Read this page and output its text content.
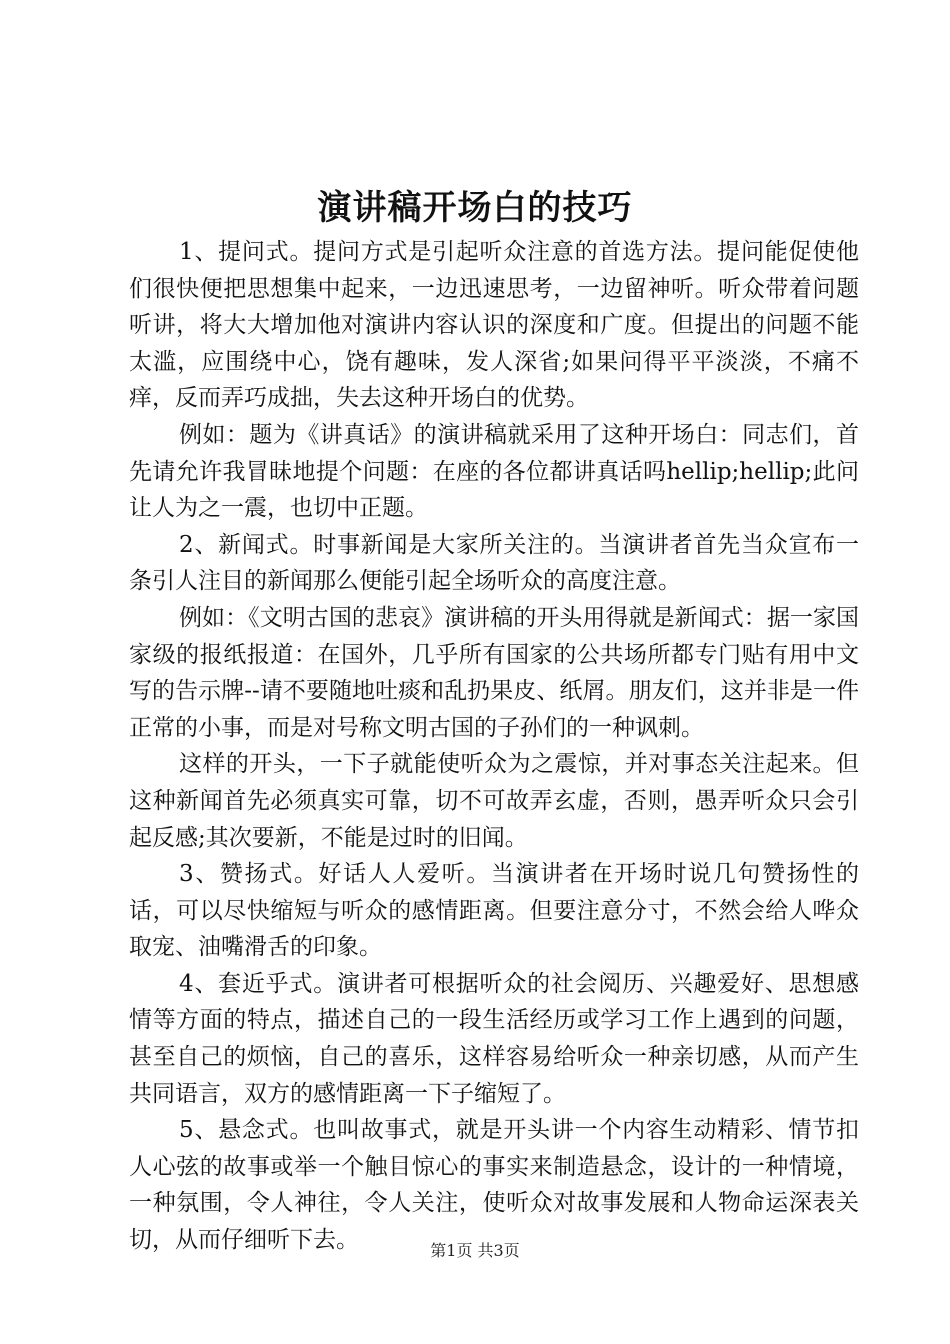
演讲稿开场白的技巧

1、提问式。提问方式是引起听众注意的首选方法。提问能促使他们很快便把思想集中起来，一边迅速思考，一边留神听。听众带着问题听讲，将大大增加他对演讲内容认识的深度和广度。但提出的问题不能太滥，应围绕中心，饶有趣味，发人深省;如果问得平平淡淡，不痛不痒，反而弄巧成拙，失去这种开场白的优势。

例如：题为《讲真话》的演讲稿就采用了这种开场白：同志们，首先请允许我冒昧地提个问题：在座的各位都讲真话吗hellip;hellip;此问让人为之一震，也切中正题。

2、新闻式。时事新闻是大家所关注的。当演讲者首先当众宣布一条引人注目的新闻那么便能引起全场听众的高度注意。

例如：《文明古国的悲哀》演讲稿的开头用得就是新闻式：据一家国家级的报纸报道：在国外，几乎所有国家的公共场所都专门贴有用中文写的告示牌--请不要随地吐痰和乱扔果皮、纸屑。朋友们，这并非是一件正常的小事，而是对号称文明古国的子孙们的一种讽刺。

这样的开头，一下子就能使听众为之震惊，并对事态关注起来。但这种新闻首先必须真实可靠，切不可故弄玄虚，否则，愚弄听众只会引起反感;其次要新，不能是过时的旧闻。

3、赞扬式。好话人人爱听。当演讲者在开场时说几句赞扬性的话，可以尽快缩短与听众的感情距离。但要注意分寸，不然会给人哗众取宠、油嘴滑舌的印象。

4、套近乎式。演讲者可根据听众的社会阅历、兴趣爱好、思想感情等方面的特点，描述自己的一段生活经历或学习工作上遇到的问题，甚至自己的烦恼，自己的喜乐，这样容易给听众一种亲切感，从而产生共同语言，双方的感情距离一下子缩短了。

5、悬念式。也叫故事式，就是开头讲一个内容生动精彩、情节扣人心弦的故事或举一个触目惊心的事实来制造悬念，设计的一种情境，一种氛围，令人神往，令人关注，使听众对故事发展和人物命运深表关切，从而仔细听下去。	第1页 共3页
